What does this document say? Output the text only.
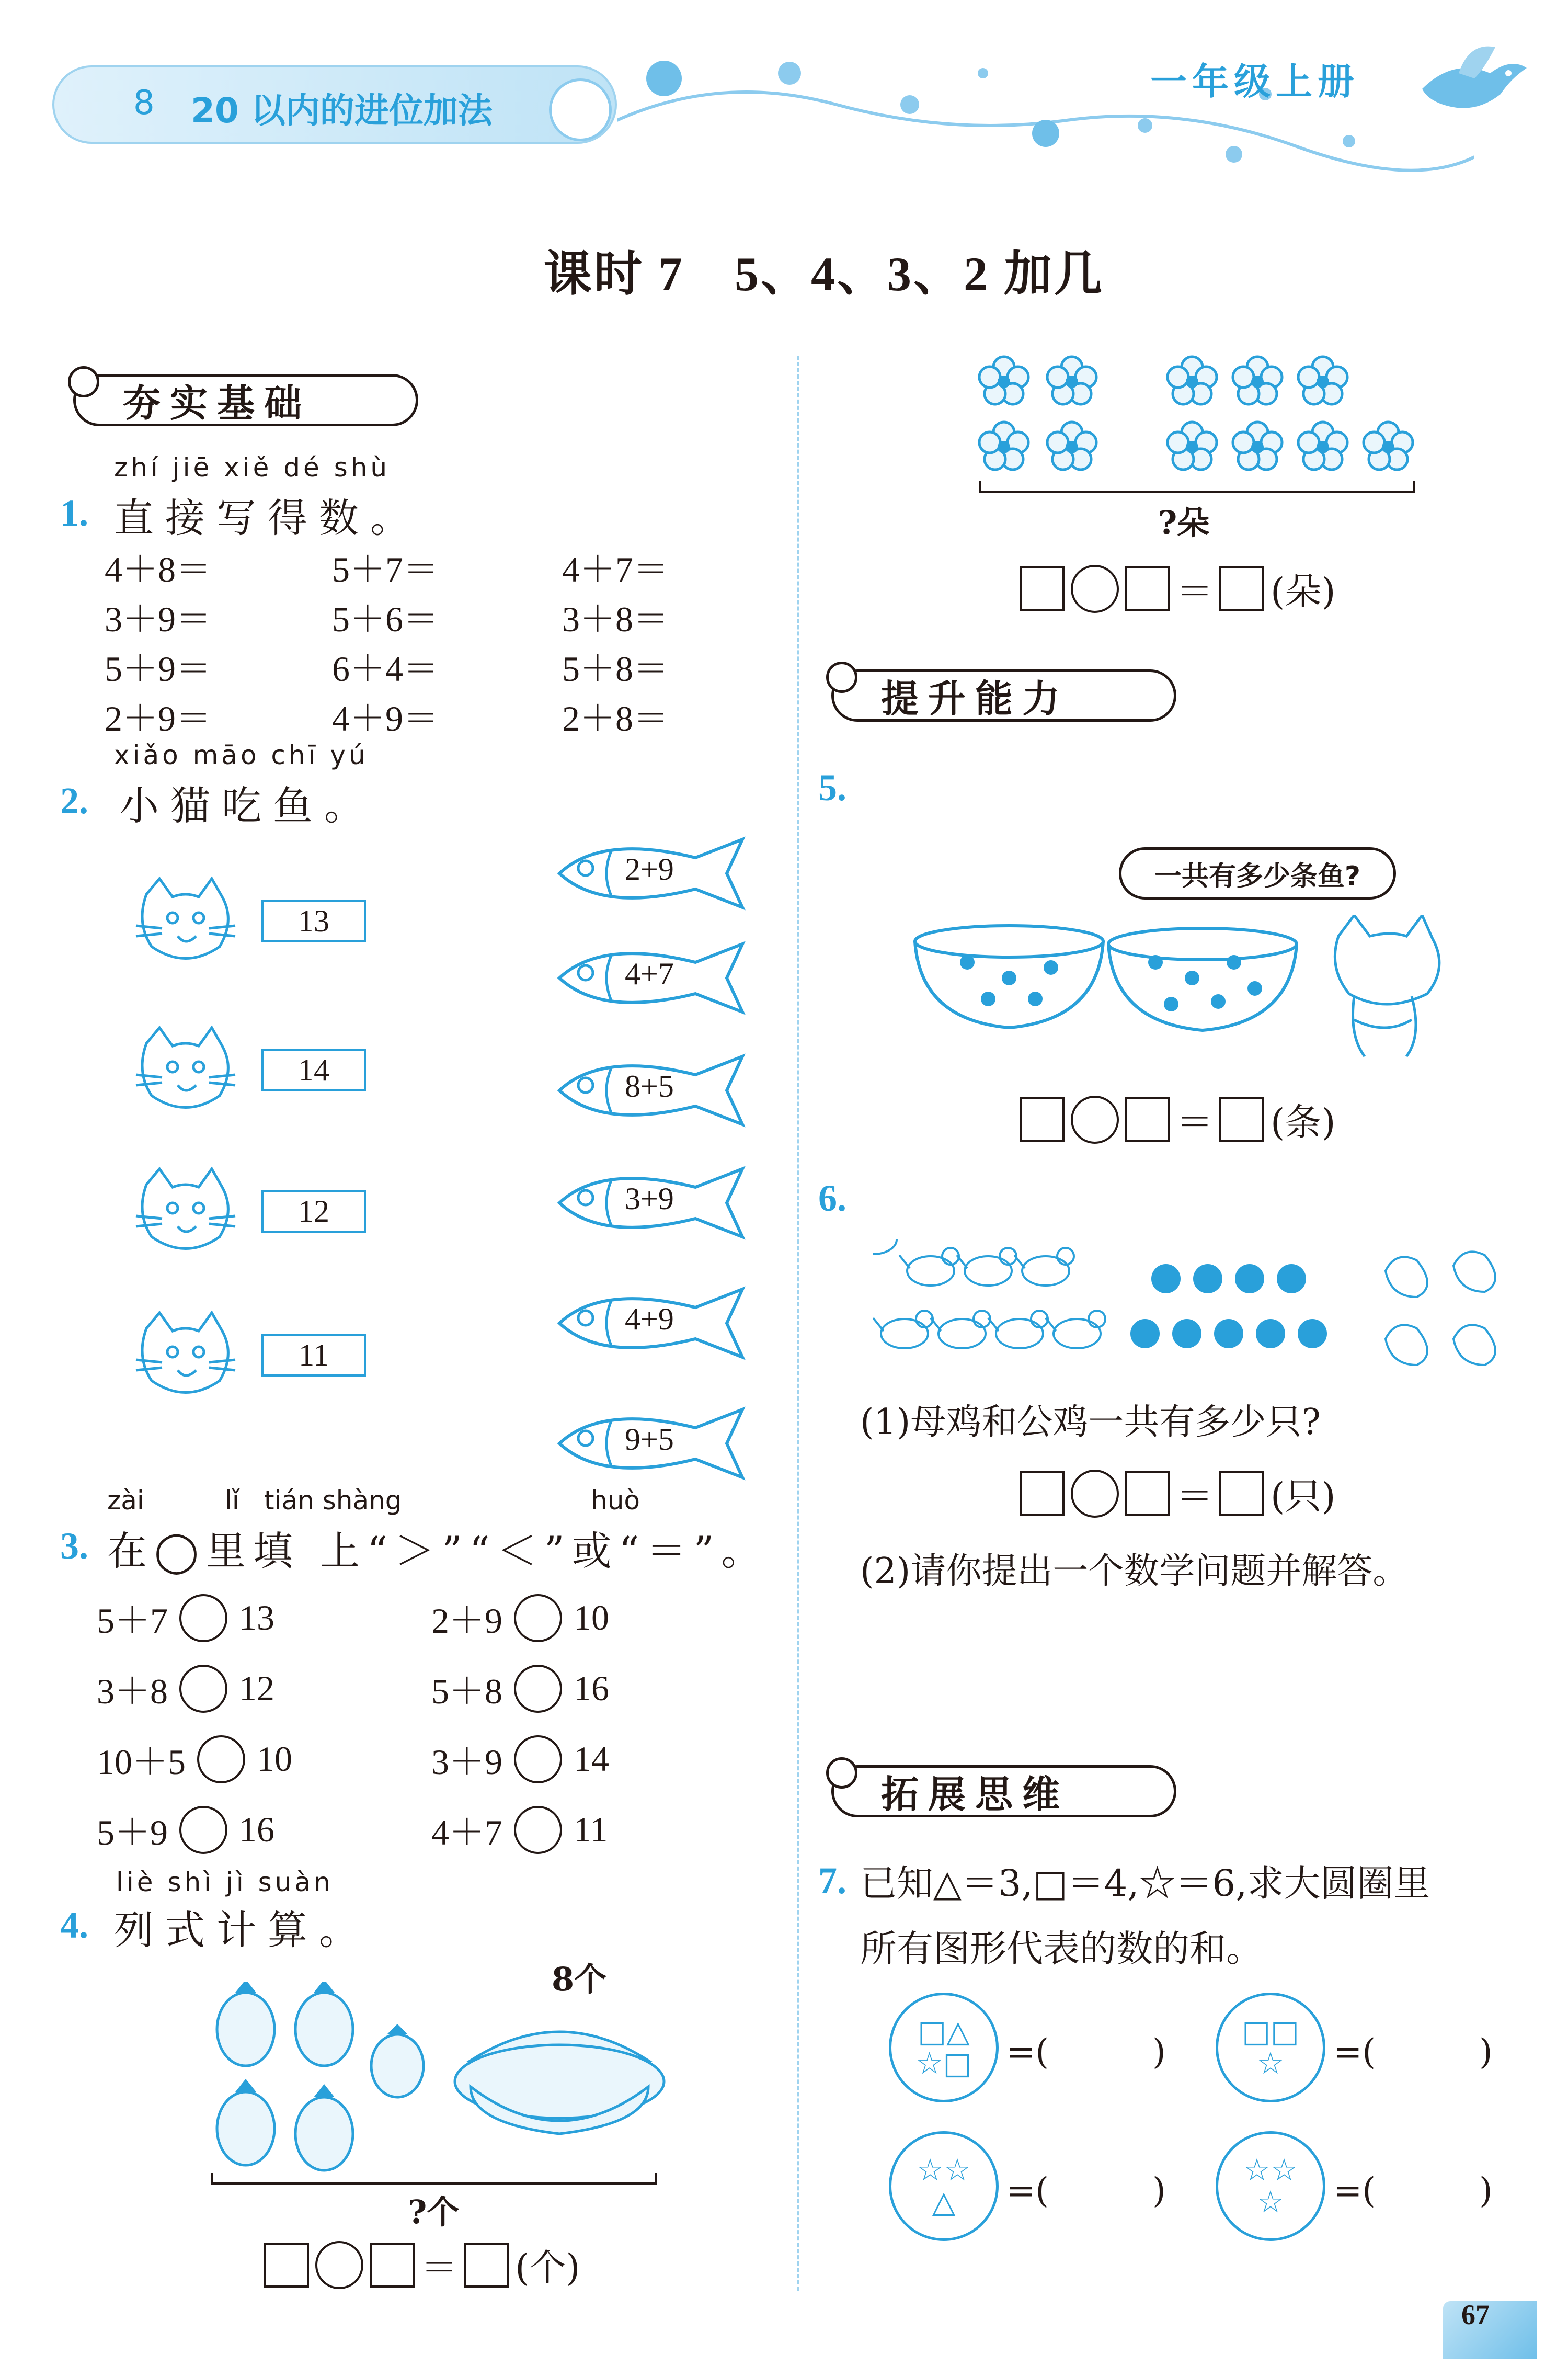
8 20 以内的进位加法
一年级上册
课时 7　5、4、3、2 加几
夯实基础
zhí jiē xiě dé shù
1. 直接写得数。
4＋8＝	5＋7＝	4＋7＝
3＋9＝	5＋6＝	3＋8＝
5＋9＝	6＋4＝	5＋8＝
2＋9＝	4＋9＝	2＋8＝
xiǎo māo chī yú
2. 小猫吃鱼。
13
14
12
11
2+9
4+7
8+5
3+9
4+9
9+5
zài	lǐ tián shàng	huò
3. 在◯里填 上“＞”“＜”或“＝”。
5＋7 13
3＋8 12
10＋5 10
5＋9 16
2＋9 10
5＋8 16
3＋9 14
4＋7 11
liè shì jì suàn
4. 列式计算。
8个
?个
＝ (个)
?朵
＝ (朵)
提升能力
5.
一共有多少条鱼?
＝ (条)
6.
(1)母鸡和公鸡一共有多少只?
＝ (只)
(2)请你提出一个数学问题并解答。
拓展思维
7. 已知△＝3,□＝4,☆＝6,求大圆圈里
所有图形代表的数的和。
□△
☆□ =(　　　)
□□
☆	=(　　　)
☆☆
△	=(　　　)
☆☆
☆	=(　　　)
67
